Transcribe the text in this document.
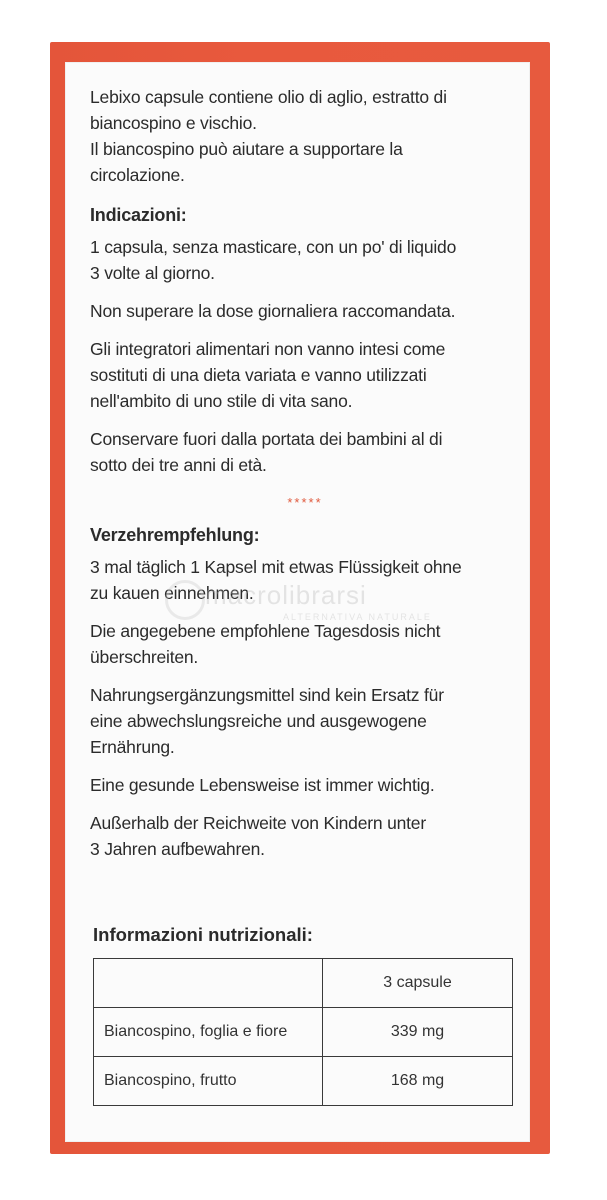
Lebixo capsule contiene olio di aglio, estratto di
biancospino e vischio.
Il biancospino può aiutare a supportare la
circolazione.

Indicazioni:

1 capsula, senza masticare, con un po' di liquido
3 volte al giorno.

Non superare la dose giornaliera raccomandata.

Gli integratori alimentari non vanno intesi come
sostituti di una dieta variata e vanno utilizzati
nell'ambito di uno stile di vita sano.

Conservare fuori dalla portata dei bambini al di
sotto dei tre anni di età.

*****
Verzehrempfehlung:

3 mal täglich 1 Kapsel mit etwas Flüssigkeit ohne
zu kauen einnehmen.

Die angegebene empfohlene Tagesdosis nicht
überschreiten.

Nahrungsergänzungsmittel sind kein Ersatz für
eine abwechslungsreiche und ausgewogene
Ernährung.

Eine gesunde Lebensweise ist immer wichtig.

Außerhalb der Reichweite von Kindern unter
3 Jahren aufbewahren.

macrolibrarsi
ALTERNATIVA NATURALE
Informazioni nutrizionali:
	3 capsule
Biancospino, foglia e fiore	339 mg
Biancospino, frutto	168 mg
